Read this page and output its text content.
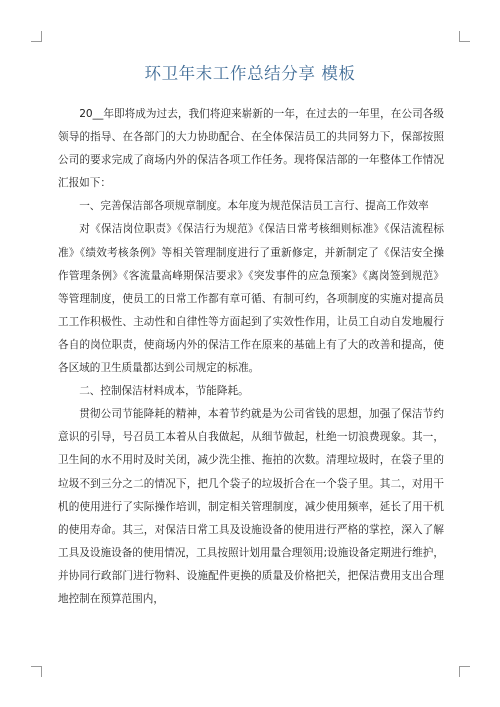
环卫年末工作总结分享 模板

20__年即将成为过去，我们将迎来崭新的一年，在过去的一年里，在公司各级领导的指导、在各部门的大力协助配合、在全体保洁员工的共同努力下，保部按照公司的要求完成了商场内外的保洁各项工作任务。现将保洁部的一年整体工作情况汇报如下：

一、完善保洁部各项规章制度。本年度为规范保洁员工言行、提高工作效率

对《保洁岗位职责》《保洁行为规范》《保洁日常考核细则标准》《保洁流程标准》《绩效考核条例》等相关管理制度进行了重新修定，并新制定了《保洁安全操作管理条例》《客流量高峰期保洁要求》《突发事件的应急预案》《离岗签到规范》等管理制度，使员工的日常工作都有章可循、有制可约，各项制度的实施对提高员工工作积极性、主动性和自律性等方面起到了实效性作用，让员工自动自发地履行各自的岗位职责，使商场内外的保洁工作在原来的基础上有了大的改善和提高，使各区域的卫生质量都达到公司规定的标准。

二、控制保洁材料成本，节能降耗。

贯彻公司节能降耗的精神，本着节约就是为公司省钱的思想，加强了保洁节约意识的引导，号召员工本着从自我做起，从细节做起，杜绝一切浪费现象。其一，卫生间的水不用时及时关闭，减少洗尘推、拖拍的次数。清理垃圾时，在袋子里的垃圾不到三分之二的情况下，把几个袋子的垃圾折合在一个袋子里。其二，对用干机的使用进行了实际操作培训，制定相关管理制度，减少使用频率，延长了用干机的使用寿命。其三，对保洁日常工具及设施设备的使用进行严格的掌控，深入了解工具及设施设备的使用情况，工具按照计划用量合理领用;设施设备定期进行维护，并协同行政部门进行物料、设施配件更换的质量及价格把关，把保洁费用支出合理地控制在预算范围内，
